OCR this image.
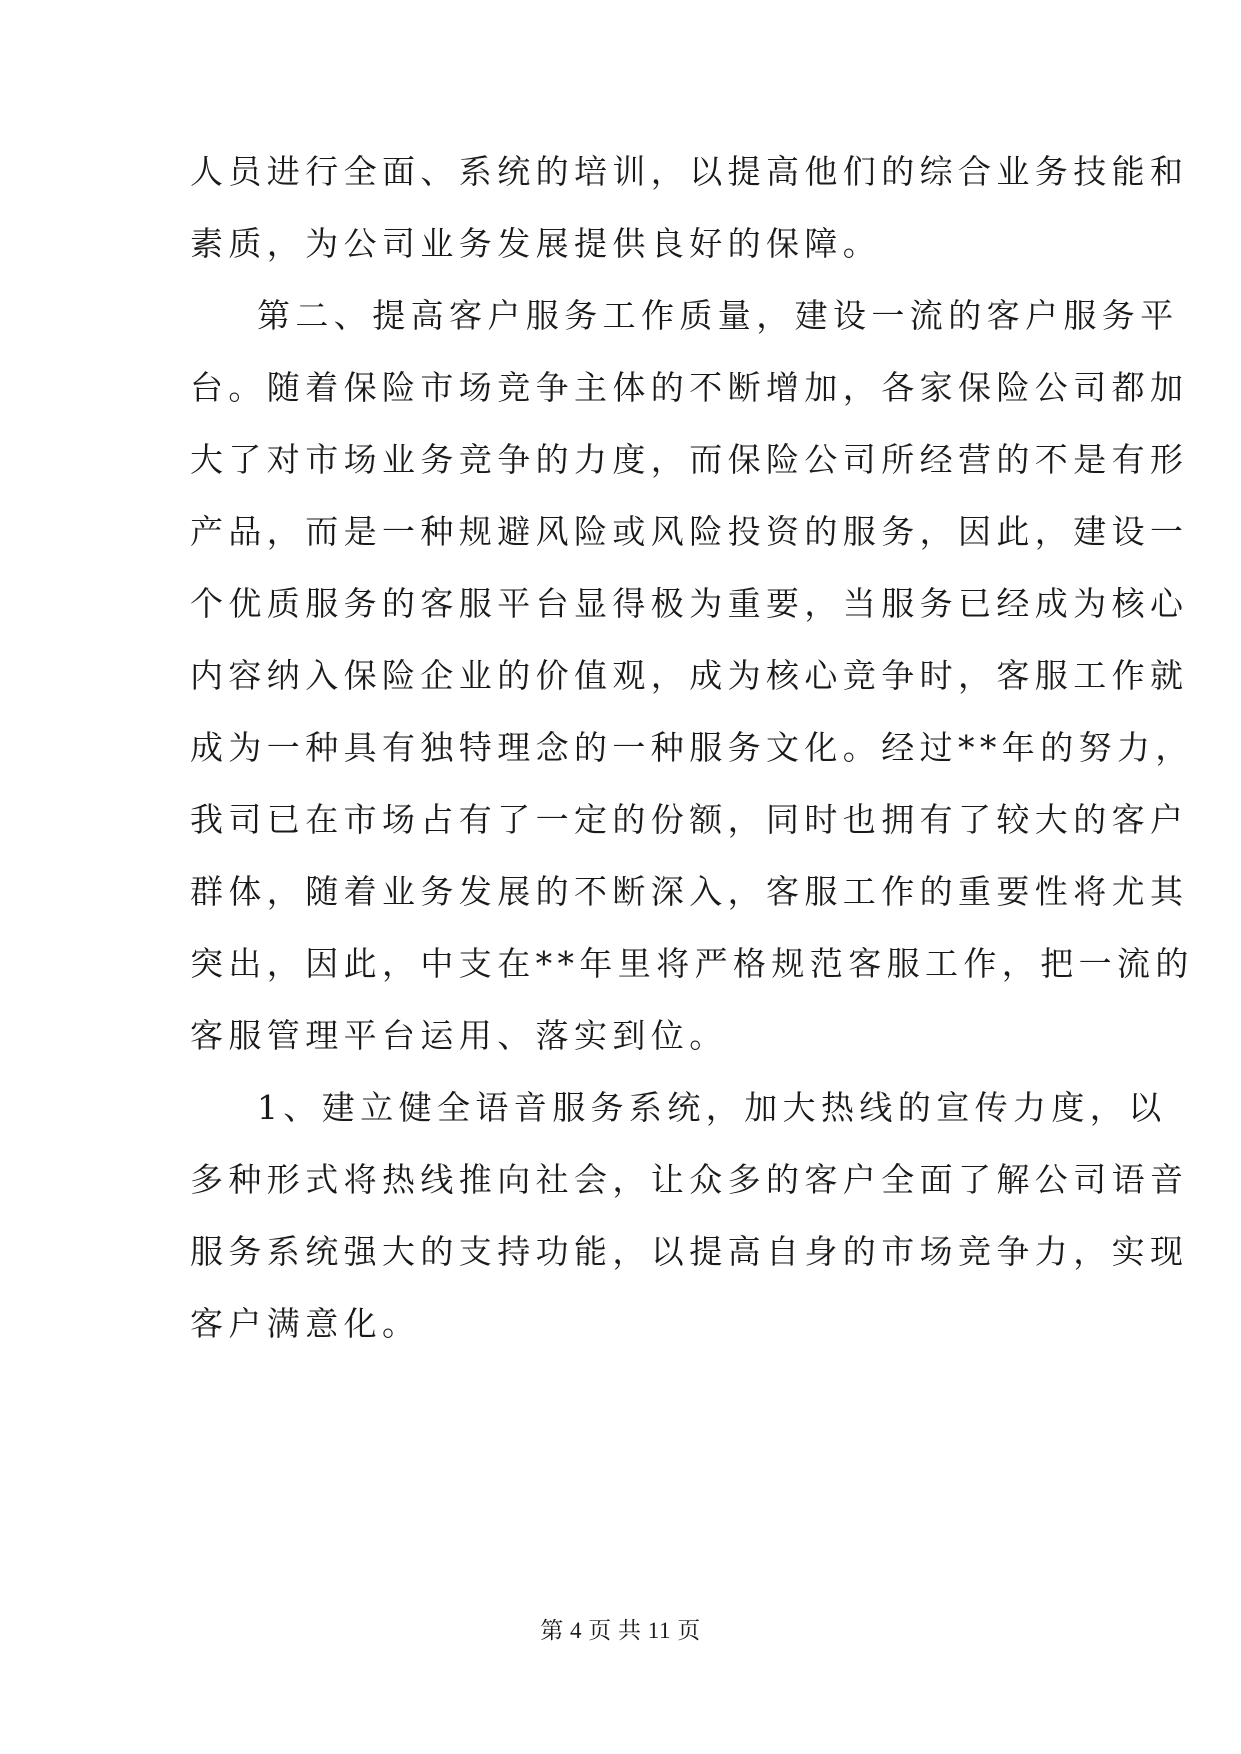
人员进行全面、系统的培训，以提高他们的综合业务技能和
素质，为公司业务发展提供良好的保障。
第二、提高客户服务工作质量，建设一流的客户服务平
台。随着保险市场竞争主体的不断增加，各家保险公司都加
大了对市场业务竞争的力度，而保险公司所经营的不是有形
产品，而是一种规避风险或风险投资的服务，因此，建设一
个优质服务的客服平台显得极为重要，当服务已经成为核心
内容纳入保险企业的价值观，成为核心竞争时，客服工作就
成为一种具有独特理念的一种服务文化。经过**年的努力，
我司已在市场占有了一定的份额，同时也拥有了较大的客户
群体，随着业务发展的不断深入，客服工作的重要性将尤其
突出，因此，中支在**年里将严格规范客服工作，把一流的
客服管理平台运用、落实到位。
1、建立健全语音服务系统，加大热线的宣传力度，以
多种形式将热线推向社会，让众多的客户全面了解公司语音
服务系统强大的支持功能，以提高自身的市场竞争力，实现
客户满意化。
第 4 页 共 11 页
